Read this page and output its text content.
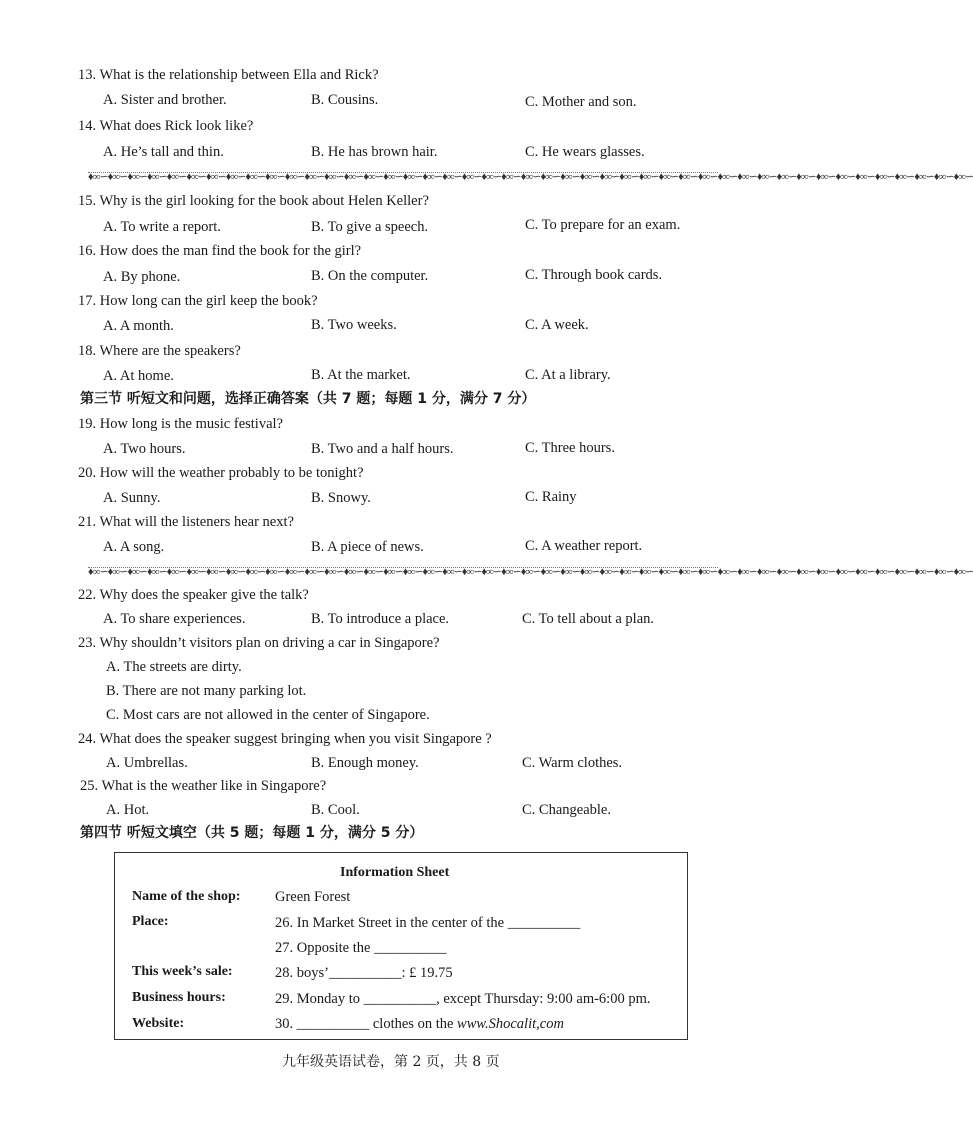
13. What is the relationship between Ella and Rick?
A. Sister and brother.	B. Cousins.	C. Mother and son.
14. What does Rick look like?
A. He’s tall and thin.	B. He has brown hair.	C. He wears glasses.
♦∞∽♦∞∽♦∞∽♦∞∽♦∞∽♦∞∽♦∞∽♦∞∽♦∞∽♦∞∽♦∞∽♦∞∽♦∞∽♦∞∽♦∞∽♦∞∽♦∞∽♦∞∽♦∞∽♦∞∽♦∞∽♦∞∽♦∞∽♦∞∽♦∞∽♦∞∽♦∞∽♦∞∽♦∞∽♦∞∽♦∞∽♦∞∽♦∞∽♦∞∽♦∞∽♦∞∽♦∞∽♦∞∽♦∞∽♦∞∽♦∞∽♦∞∽♦∞∽♦∞∽♦∞∽
15. Why is the girl looking for the book about Helen Keller?
A. To write a report.	B. To give a speech.	C. To prepare for an exam.
16. How does the man find the book for the girl?
A. By phone.	B. On the computer.	C. Through book cards.
17. How long can the girl keep the book?
A. A month.	B. Two weeks.	C. A week.
18. Where are the speakers?
A. At home.	B. At the market.	C. At a library.
第三节 听短文和问题，选择正确答案（共 7 题；每题 1 分，满分 7 分）
19. How long is the music festival?
A. Two hours.	B. Two and a half hours.	C. Three hours.
20. How will the weather probably to be tonight?
A. Sunny.	B. Snowy.	C. Rainy
21. What will the listeners hear next?
A. A song.	B. A piece of news.	C. A weather report.
♦∞∽♦∞∽♦∞∽♦∞∽♦∞∽♦∞∽♦∞∽♦∞∽♦∞∽♦∞∽♦∞∽♦∞∽♦∞∽♦∞∽♦∞∽♦∞∽♦∞∽♦∞∽♦∞∽♦∞∽♦∞∽♦∞∽♦∞∽♦∞∽♦∞∽♦∞∽♦∞∽♦∞∽♦∞∽♦∞∽♦∞∽♦∞∽♦∞∽♦∞∽♦∞∽♦∞∽♦∞∽♦∞∽♦∞∽♦∞∽♦∞∽♦∞∽♦∞∽♦∞∽♦∞∽
22. Why does the speaker give the talk?
A. To share experiences.	B. To introduce a place.	C. To tell about a plan.
23. Why shouldn’t visitors plan on driving a car in Singapore?
A. The streets are dirty.
B. There are not many parking lot.
C. Most cars are not allowed in the center of Singapore.
24. What does the speaker suggest bringing when you visit Singapore ?
A. Umbrellas.	B. Enough money.	C. Warm clothes.
25. What is the weather like in Singapore?
A. Hot.	B. Cool.	C. Changeable.
第四节 听短文填空（共 5 题；每题 1 分，满分 5 分）
Information Sheet
Name of the shop: Green Forest
Place:	26. In Market Street in the center of the __________
27. Opposite the __________
This week’s sale:	28. boys’__________: £ 19.75
Business hours:	29. Monday to __________, except Thursday: 9:00 am-6:00 pm.
Website:	30. __________ clothes on the www.Shocalit,com
九年级英语试卷，第 2 页，共 8 页
